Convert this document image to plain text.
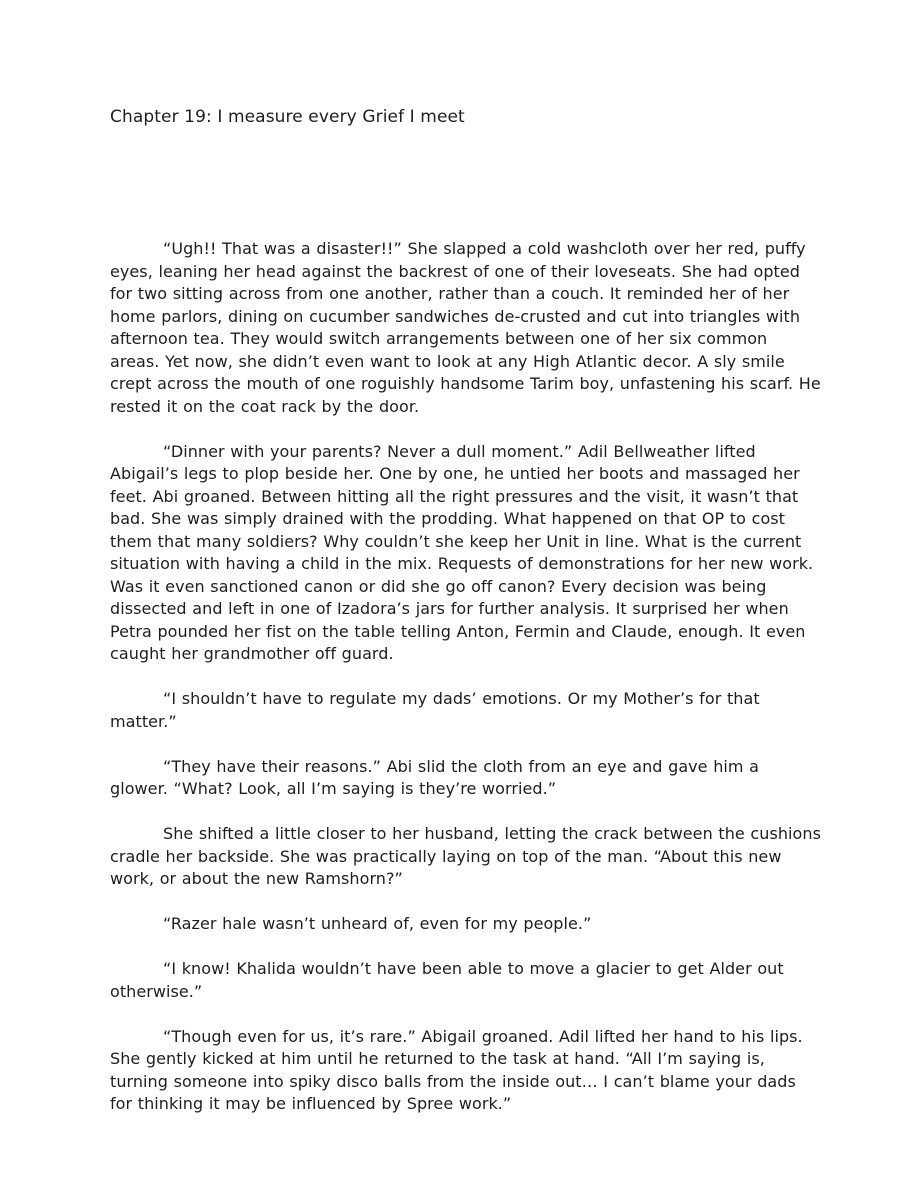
Chapter 19: I measure every Grief I meet

“Ugh!! That was a disaster!!” She slapped a cold washcloth over her red, puffy eyes, leaning her head against the backrest of one of their loveseats. She had opted for two sitting across from one another, rather than a couch. It reminded her of her home parlors, dining on cucumber sandwiches de-crusted and cut into triangles with afternoon tea. They would switch arrangements between one of her six common areas. Yet now, she didn’t even want to look at any High Atlantic decor. A sly smile crept across the mouth of one roguishly handsome Tarim boy, unfastening his scarf. He rested it on the coat rack by the door.

“Dinner with your parents? Never a dull moment.” Adil Bellweather lifted Abigail’s legs to plop beside her. One by one, he untied her boots and massaged her feet. Abi groaned. Between hitting all the right pressures and the visit, it wasn’t that bad. She was simply drained with the prodding. What happened on that OP to cost them that many soldiers? Why couldn’t she keep her Unit in line. What is the current situation with having a child in the mix. Requests of demonstrations for her new work. Was it even sanctioned canon or did she go off canon? Every decision was being dissected and left in one of Izadora’s jars for further analysis. It surprised her when Petra pounded her fist on the table telling Anton, Fermin and Claude, enough. It even caught her grandmother off guard.

“I shouldn’t have to regulate my dads’ emotions. Or my Mother’s for that matter.”

“They have their reasons.” Abi slid the cloth from an eye and gave him a glower. “What? Look, all I’m saying is they’re worried.”

She shifted a little closer to her husband, letting the crack between the cushions cradle her backside. She was practically laying on top of the man. “About this new work, or about the new Ramshorn?”

“Razer hale wasn’t unheard of, even for my people.”

“I know! Khalida wouldn’t have been able to move a glacier to get Alder out otherwise.”

“Though even for us, it’s rare.” Abigail groaned. Adil lifted her hand to his lips. She gently kicked at him until he returned to the task at hand. “All I’m saying is, turning someone into spiky disco balls from the inside out… I can’t blame your dads for thinking it may be influenced by Spree work.”
